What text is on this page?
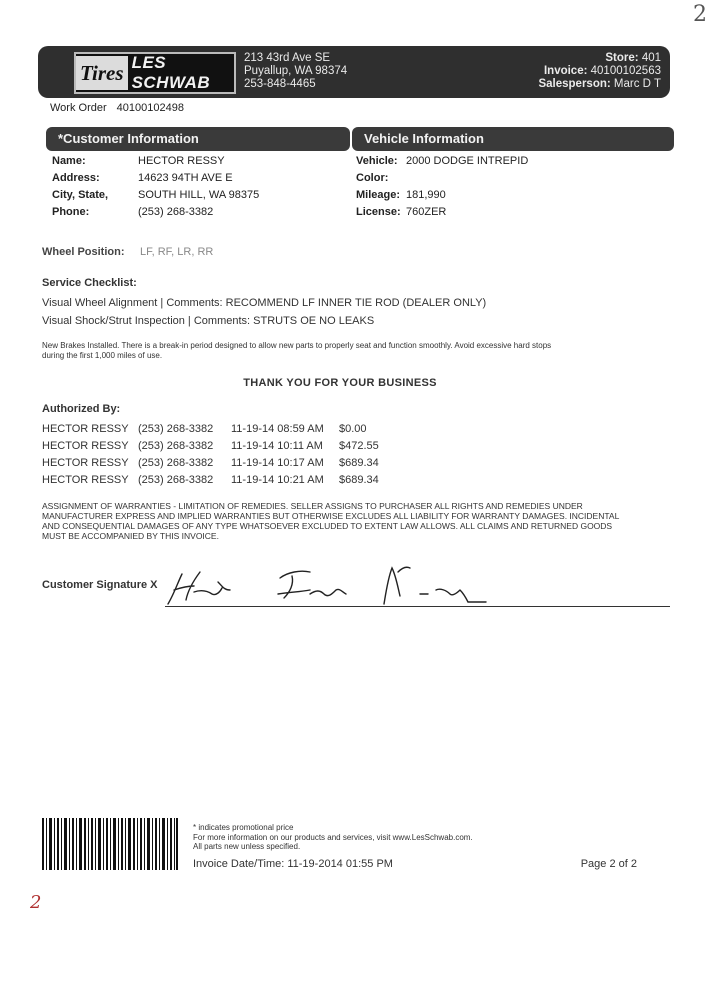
Tires LES SCHWAB
213 43rd Ave SE
Puyallup, WA 98374
253-848-4465
Store: 401
Invoice: 40100102563
Salesperson: Marc D T
Work Order 40100102498
*Customer Information	Vehicle Information
Name:	HECTOR RESSY
Address:	14623 94TH AVE E
City, State,	SOUTH HILL, WA 98375
Phone:	(253) 268-3382
Vehicle: 2000 DODGE INTREPID
Color:
Mileage: 181,990
License: 760ZER
Wheel Position: LF, RF, LR, RR
Service Checklist:
Visual Wheel Alignment | Comments: RECOMMEND LF INNER TIE ROD (DEALER ONLY)
Visual Shock/Strut Inspection | Comments: STRUTS OE NO LEAKS
New Brakes Installed. There is a break-in period designed to allow new parts to properly seat and function smoothly. Avoid excessive hard stops
during the first 1,000 miles of use.
THANK YOU FOR YOUR BUSINESS
Authorized By:
HECTOR RESSY (253) 268-3382 11-19-14 08:59 AM $0.00
HECTOR RESSY (253) 268-3382 11-19-14 10:11 AM $472.55
HECTOR RESSY (253) 268-3382 11-19-14 10:17 AM $689.34
HECTOR RESSY (253) 268-3382 11-19-14 10:21 AM $689.34
ASSIGNMENT OF WARRANTIES - LIMITATION OF REMEDIES. SELLER ASSIGNS TO PURCHASER ALL RIGHTS AND REMEDIES UNDER
MANUFACTURER EXPRESS AND IMPLIED WARRANTIES BUT OTHERWISE EXCLUDES ALL LIABILITY FOR WARRANTY DAMAGES. INCIDENTAL
AND CONSEQUENTIAL DAMAGES OF ANY TYPE WHATSOEVER EXCLUDED TO EXTENT LAW ALLOWS. ALL CLAIMS AND RETURNED GOODS
MUST BE ACCOMPANIED BY THIS INVOICE.
Customer Signature X
* indicates promotional price
For more information on our products and services, visit www.LesSchwab.com.
All parts new unless specified.
Invoice Date/Time: 11-19-2014 01:55 PM	Page 2 of 2
2
2
